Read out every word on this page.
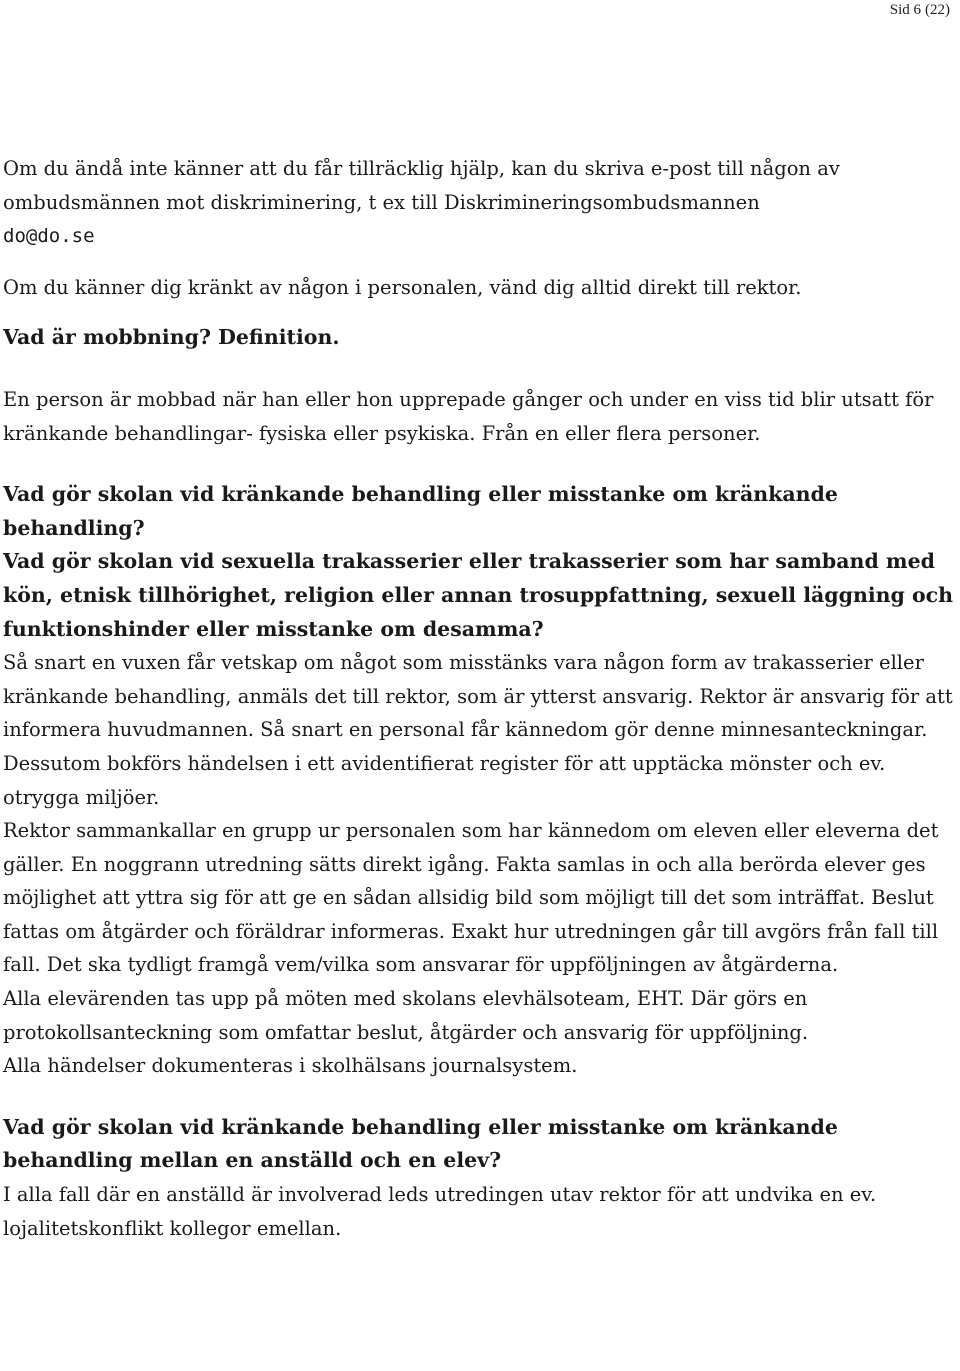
Sid 6 (22)

Om du ändå inte känner att du får tillräcklig hjälp, kan du skriva e-post till någon av ombudsmännen mot diskriminering, t ex till Diskrimineringsombudsmannen
do@do.se

Om du känner dig kränkt av någon i personalen, vänd dig alltid direkt till rektor.

Vad är mobbning? Definition.

En person är mobbad när han eller hon upprepade gånger och under en viss tid blir utsatt för kränkande behandlingar- fysiska eller psykiska. Från en eller flera personer.

Vad gör skolan vid kränkande behandling eller misstanke om kränkande behandling?

Vad gör skolan vid sexuella trakasserier eller trakasserier som har samband med kön, etnisk tillhörighet, religion eller annan trosuppfattning, sexuell läggning och funktionshinder eller misstanke om desamma?

Så snart en vuxen får vetskap om något som misstänks vara någon form av trakasserier eller kränkande behandling, anmäls det till rektor, som är ytterst ansvarig. Rektor är ansvarig för att informera huvudmannen. Så snart en personal får kännedom gör denne minnesanteckningar. Dessutom bokförs händelsen i ett avidentifierat register för att upptäcka mönster och ev. otrygga miljöer.

Rektor sammankallar en grupp ur personalen som har kännedom om eleven eller eleverna det gäller. En noggrann utredning sätts direkt igång. Fakta samlas in och alla berörda elever ges möjlighet att yttra sig för att ge en sådan allsidig bild som möjligt till det som inträffat. Beslut fattas om åtgärder och föräldrar informeras. Exakt hur utredningen går till avgörs från fall till fall. Det ska tydligt framgå vem/vilka som ansvarar för uppföljningen av åtgärderna.

Alla elevärenden tas upp på möten med skolans elevhälsoteam, EHT. Där görs en protokollsanteckning som omfattar beslut, åtgärder och ansvarig för uppföljning.

Alla händelser dokumenteras i skolhälsans journalsystem.

Vad gör skolan vid kränkande behandling eller misstanke om kränkande behandling mellan en anställd och en elev?

I alla fall där en anställd är involverad leds utredingen utav rektor för att undvika en ev. lojalitetskonflikt kollegor emellan.
